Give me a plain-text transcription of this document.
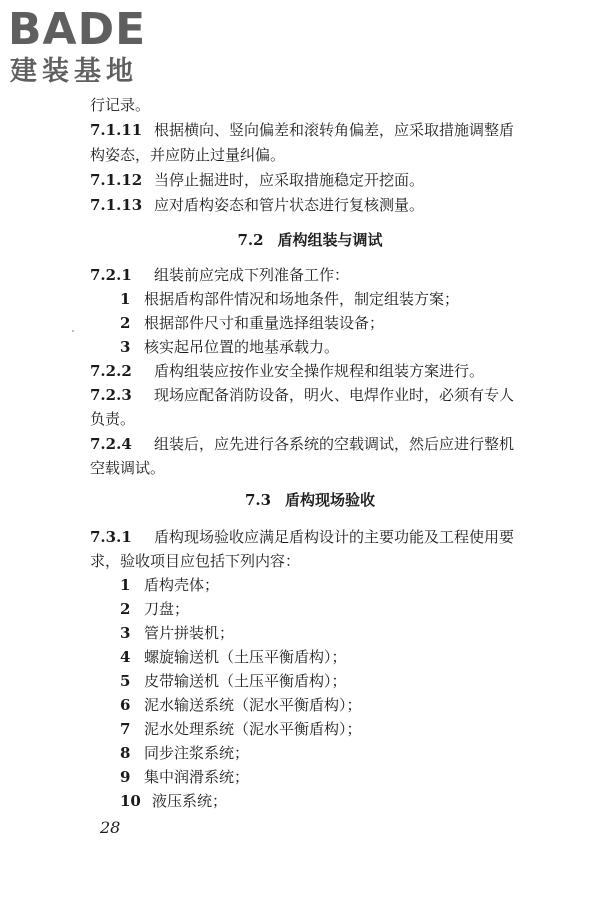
BADE
建装基地
行记录。
7.1.11 根据横向、竖向偏差和滚转角偏差，应采取措施调整盾
构姿态，并应防止过量纠偏。
7.1.12 当停止掘进时，应采取措施稳定开挖面。
7.1.13 应对盾构姿态和管片状态进行复核测量。
7.2 盾构组装与调试
7.2.1 组装前应完成下列准备工作：
1 根据盾构部件情况和场地条件，制定组装方案；
2 根据部件尺寸和重量选择组装设备；
3 核实起吊位置的地基承载力。
7.2.2 盾构组装应按作业安全操作规程和组装方案进行。
7.2.3 现场应配备消防设备，明火、电焊作业时，必须有专人
负责。
7.2.4 组装后，应先进行各系统的空载调试，然后应进行整机
空载调试。
7.3 盾构现场验收
7.3.1 盾构现场验收应满足盾构设计的主要功能及工程使用要
求，验收项目应包括下列内容：
1 盾构壳体；
2 刀盘；
3 管片拼装机；
4 螺旋输送机（土压平衡盾构）；
5 皮带输送机（土压平衡盾构）；
6 泥水输送系统（泥水平衡盾构）；
7 泥水处理系统（泥水平衡盾构）；
8 同步注浆系统；
9 集中润滑系统；
10 液压系统；
28
